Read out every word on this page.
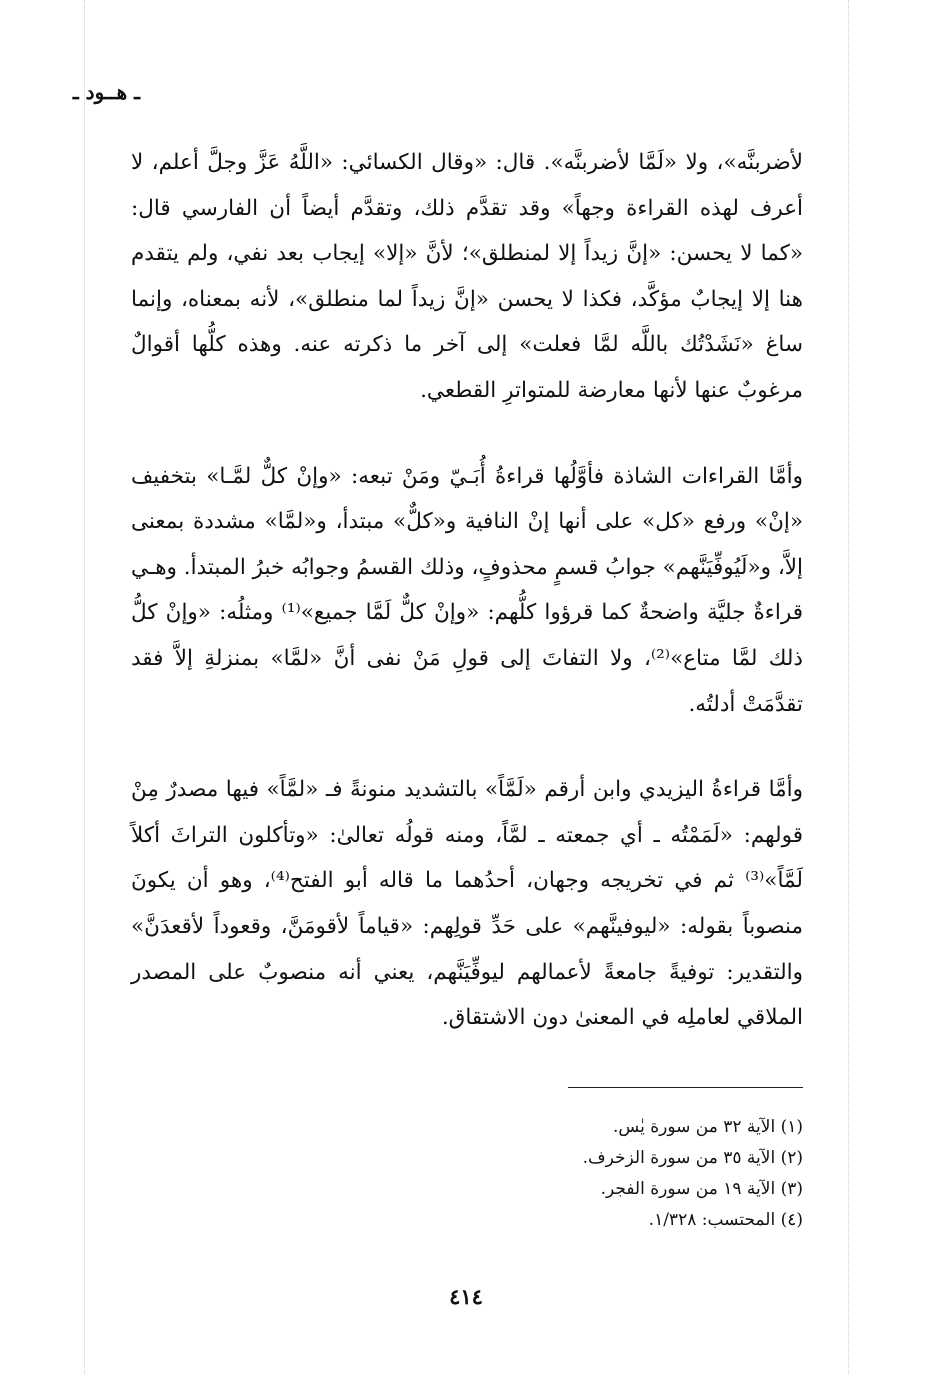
ـ هــود ـ

لأضربنَّه»، ولا «لَمَّا لأضربنَّه». قال: «وقال الكسائي: «اللَّهُ عَزَّ وجلَّ أعلم، لا أعرف لهذه القراءة وجهاً» وقد تقدَّم ذلك، وتقدَّم أيضاً أن الفارسي قال: «كما لا يحسن: «إنَّ زيداً إلا لمنطلق»؛ لأنَّ «إلا» إيجاب بعد نفي، ولم يتقدم هنا إلا إيجابٌ مؤكَّد، فكذا لا يحسن «إنَّ زيداً لما منطلق»، لأنه بمعناه، وإنما ساغ «نَشَدْتُك باللَّه لمَّا فعلت» إلى آخر ما ذكرته عنه. وهذه كلُّها أقوالٌ مرغوبٌ عنها لأنها معارضة للمتواترِ القطعي.

وأمَّا القراءات الشاذة فأوَّلُها قراءةُ أُبَـيّ ومَنْ تبعه: «وإنْ كلٌّ لمَّـا» بتخفيف «إنْ» ورفع «كل» على أنها إنْ النافية و«كلٌّ» مبتدأ، و«لمَّا» مشددة بمعنى إلاَّ، و«لَيُوفِّيَنَّهم» جوابُ قسمٍ محذوفٍ، وذلك القسمُ وجوابُه خبرُ المبتدأ. وهـي قراءةٌ جليَّة واضحةٌ كما قرؤوا كلُّهم: «وإنْ كلٌّ لَمَّا جميع»⁽¹⁾ ومثلُه: «وإنْ كلُّ ذلك لمَّا متاع»⁽²⁾، ولا التفاتَ إلى قولِ مَنْ نفى أنَّ «لمَّا» بمنزلةِ إلاَّ فقد تقدَّمَتْ أدلتُه.

وأمَّا قراءةُ اليزيدي وابن أرقم «لَمَّاً» بالتشديد منونةً فـ «لمَّاً» فيها مصدرٌ مِنْ قولهم: «لَمَمْتُه ـ أي جمعته ـ لمَّاً، ومنه قولُه تعالىٰ: «وتأكلون التراثَ أكلاً لَمَّاً»⁽³⁾ ثم في تخريجه وجهان، أحدُهما ما قاله أبو الفتح⁽⁴⁾، وهو أن يكونَ منصوباً بقوله: «ليوفينَّهم» على حَدِّ قولِهم: «قياماً لأقومَنَّ، وقعوداً لأقعدَنَّ» والتقدير: توفيةً جامعةً لأعمالهم ليوفِّيَنَّهم، يعني أنه منصوبٌ على المصدر الملاقي لعاملِه في المعنىٰ دون الاشتقاق.

(١) الآية ٣٢ من سورة يٰس.
(٢) الآية ٣٥ من سورة الزخرف.
(٣) الآية ١٩ من سورة الفجر.
(٤) المحتسب: ١/٣٢٨.
٤١٤
